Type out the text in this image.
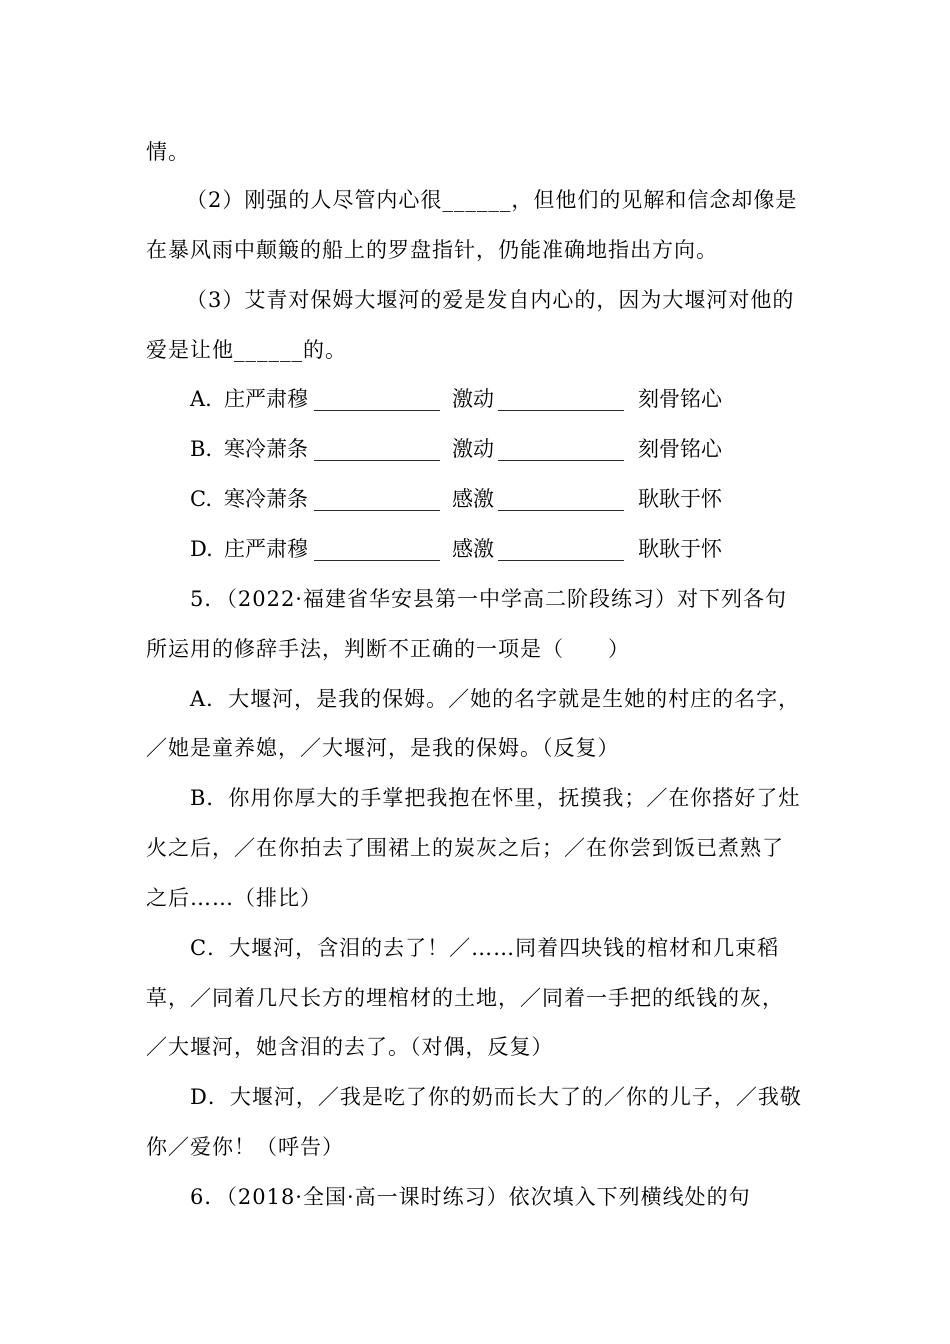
情。
（2）刚强的人尽管内心很______，但他们的见解和信念却像是
在暴风雨中颠簸的船上的罗盘指针，仍能准确地指出方向。
（3）艾青对保姆大堰河的爱是发自内心的，因为大堰河对他的
爱是让他______的。
A. 庄严肃穆 ____________ 激动 ____________ 刻骨铭心
B. 寒冷萧条 ____________ 激动 ____________ 刻骨铭心
C. 寒冷萧条 ____________ 感激 ____________ 耿耿于怀
D. 庄严肃穆 ____________ 感激 ____________ 耿耿于怀
5．（2022·福建省华安县第一中学高二阶段练习）对下列各句
所运用的修辞手法，判断不正确的一项是（　　）
A．大堰河，是我的保姆。／她的名字就是生她的村庄的名字，
／她是童养媳，／大堰河，是我的保姆。（反复）
B．你用你厚大的手掌把我抱在怀里，抚摸我；／在你搭好了灶
火之后，／在你拍去了围裙上的炭灰之后；／在你尝到饭已煮熟了
之后……（排比）
C．大堰河，含泪的去了！／……同着四块钱的棺材和几束稻
草，／同着几尺长方的埋棺材的土地，／同着一手把的纸钱的灰，
／大堰河，她含泪的去了。（对偶，反复）
D．大堰河，／我是吃了你的奶而长大了的／你的儿子，／我敬
你／爱你！（呼告）
6．（2018·全国·高一课时练习）依次填入下列横线处的句
